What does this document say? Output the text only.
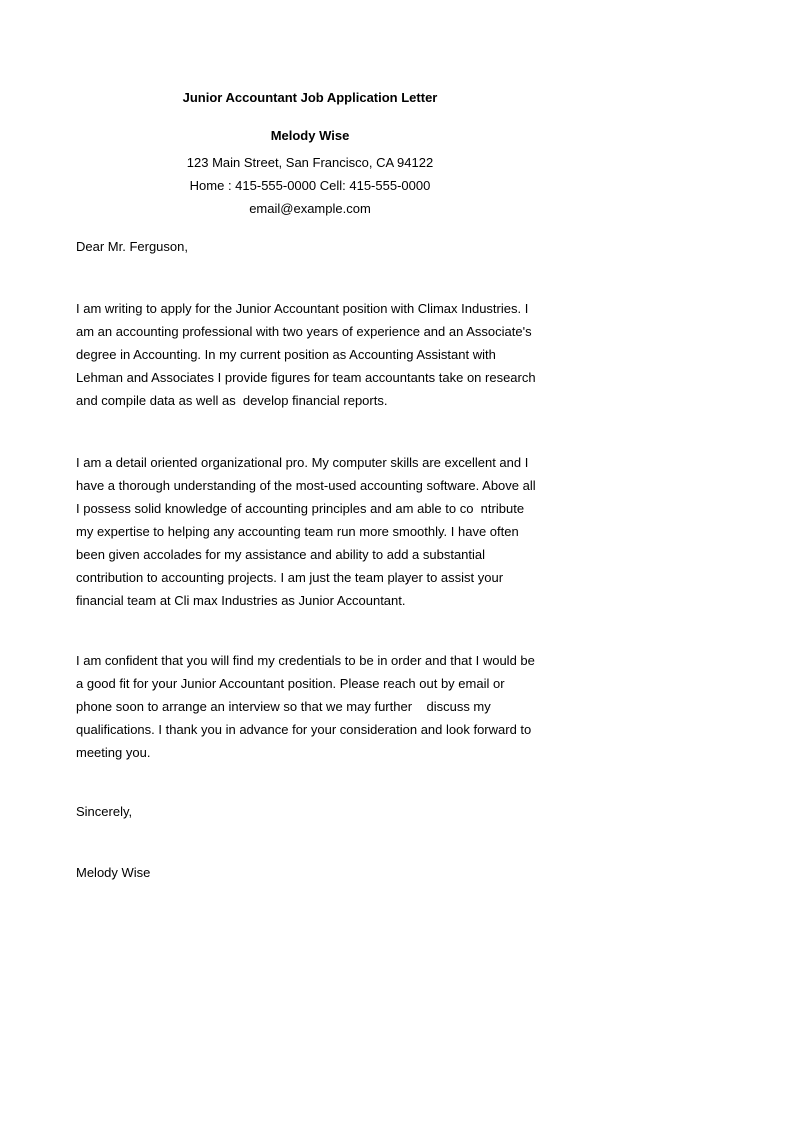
Junior Accountant Job Application Letter
Melody Wise
123 Main Street, San Francisco, CA 94122
Home : 415-555-0000 Cell: 415-555-0000
email@example.com
Dear Mr. Ferguson,
I am writing to apply for the Junior Accountant position with Climax Industries. I
am an accounting professional with two years of experience and an Associate's
degree in Accounting. In my current position as Accounting Assistant with
Lehman and Associates I provide figures for team accountants take on research
and compile data as well as  develop financial reports.
I am a detail oriented organizational pro. My computer skills are excellent and I
have a thorough understanding of the most-used accounting software. Above all
I possess solid knowledge of accounting principles and am able to co  ntribute
my expertise to helping any accounting team run more smoothly. I have often
been given accolades for my assistance and ability to add a substantial
contribution to accounting projects. I am just the team player to assist your
financial team at Cli max Industries as Junior Accountant.
I am confident that you will find my credentials to be in order and that I would be
a good fit for your Junior Accountant position. Please reach out by email or
phone soon to arrange an interview so that we may further    discuss my
qualifications. I thank you in advance for your consideration and look forward to
meeting you.
Sincerely,
Melody Wise
